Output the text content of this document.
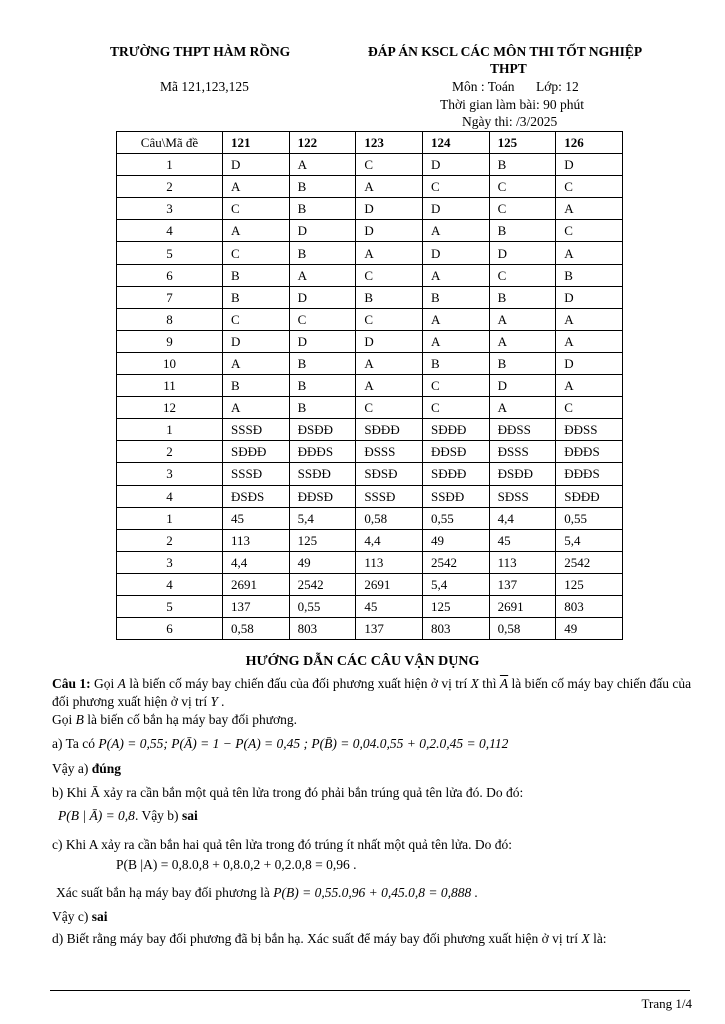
TRƯỜNG THPT HÀM RỒNG
Mã 121,123,125
ĐÁP ÁN KSCL CÁC MÔN THI TỐT NGHIỆP
THPT
Môn : Toán Lớp: 12
Thời gian làm bài: 90 phút
Ngày thi: /3/2025
Câu\Mã đề	121	122	123	124	125	126
1	D	A	C	D	B	D
2	A	B	A	C	C	C
3	C	B	D	D	C	A
4	A	D	D	A	B	C
5	C	B	A	D	D	A
6	B	A	C	A	C	B
7	B	D	B	B	B	D
8	C	C	C	A	A	A
9	D	D	D	A	A	A
10	A	B	A	B	B	D
11	B	B	A	C	D	A
12	A	B	C	C	A	C
1	SSSĐ	ĐSĐĐ	SĐĐĐ	SĐĐĐ	ĐĐSS	ĐĐSS
2	SĐĐĐ	ĐĐĐS	ĐSSS	ĐĐSĐ	ĐSSS	ĐĐĐS
3	SSSĐ	SSĐĐ	SĐSĐ	SĐĐĐ	ĐSĐĐ	ĐĐĐS
4	ĐSĐS	ĐĐSĐ	SSSĐ	SSĐĐ	SĐSS	SĐĐĐ
1	45	5,4	0,58	0,55	4,4	0,55
2	113	125	4,4	49	45	5,4
3	4,4	49	113	2542	113	2542
4	2691	2542	2691	5,4	137	125
5	137	0,55	45	125	2691	803
6	0,58	803	137	803	0,58	49
HƯỚNG DẪN CÁC CÂU VẬN DỤNG
Câu 1: Gọi A là biến cố máy bay chiến đấu của đối phương xuất hiện ở vị trí X thì $\overline{A}$ là biến cố máy bay chiến đấu của đối phương xuất hiện ở vị trí Y .
Gọi B là biến cố bắn hạ máy bay đối phương.
a) Ta có P(A) = 0,55; P(Ā) = 1 − P(A) = 0,45 ; P(B̄) = 0,04.0,55 + 0,2.0,45 = 0,112
Vậy a) đúng
b) Khi Ā xảy ra cần bắn một quả tên lửa trong đó phải bắn trúng quả tên lửa đó. Do đó:
P(B | Ā) = 0,8. Vậy b) sai
c) Khi A xảy ra cần bắn hai quả tên lửa trong đó trúng ít nhất một quả tên lửa. Do đó:
P(B |A) = 0,8.0,8 + 0,8.0,2 + 0,2.0,8 = 0,96 .
Xác suất bắn hạ máy bay đối phương là P(B) = 0,55.0,96 + 0,45.0,8 = 0,888 .
Vậy c) sai
d) Biết rằng máy bay đối phương đã bị bắn hạ. Xác suất để máy bay đối phương xuất hiện ở vị trí X là:
Trang 1/4
